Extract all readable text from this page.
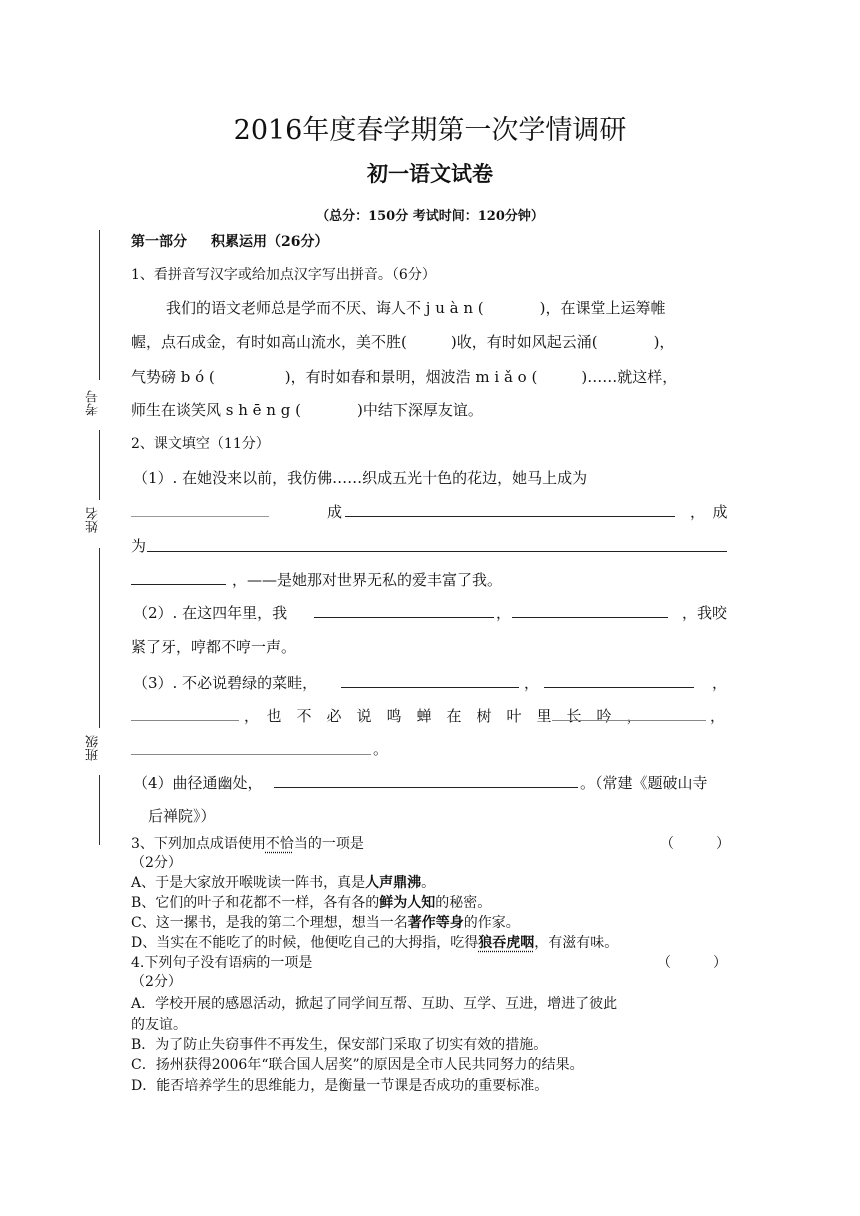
2016年度春学期第一次学情调研
初一语文试卷
（总分：150分 考试时间：120分钟）
考号
姓名
班级
第一部分 积累运用（26分）
1、看拼音写汉字或给加点汉字写出拼音。（6分）
我们的语文老师总是学而不厌、诲人不 j u à n (	)，在课堂上运筹帷
幄，点石成金，有时如高山流水，美不胜(	)收，有时如风起云涌(	)，
气势磅 b ó (	)，有时如春和景明，烟波浩 m i ǎ o (	)……就这样，
师生在谈笑风 s h ē n g (	)中结下深厚友谊。
2、课文填空（11分）
（1）. 在她没来以前，我仿佛……织成五光十色的花边，她马上成为
成	，　成
为
，——是她那对世界无私的爱丰富了我。
（2）. 在这四年里，我	，	，我咬
紧了牙，哼都不哼一声。
（3）. 不必说碧绿的菜畦，	，	，
，　也　不　必　说　鸣　蝉　在　树　叶　里　长　吟　，	，
。
（4）曲径通幽处，	。（常建《题破山寺
后禅院》）
3、下列加点成语使用不恰当的一项是	（　　　）
（2分）
A、于是大家放开喉咙读一阵书，真是人声鼎沸。
B、它们的叶子和花都不一样，各有各的鲜为人知的秘密。
C、这一摞书，是我的第二个理想，想当一名著作等身的作家。
D、当实在不能吃了的时候，他便吃自己的大拇指，吃得狼吞虎咽，有滋有味。
4.下列句子没有语病的一项是	（　　　）
（2分）
A．学校开展的感恩活动，掀起了同学间互帮、互助、互学、互进，增进了彼此
的友谊。
B．为了防止失窃事件不再发生，保安部门采取了切实有效的措施。
C．扬州获得2006年“联合国人居奖”的原因是全市人民共同努力的结果。
D．能否培养学生的思维能力，是衡量一节课是否成功的重要标准。
